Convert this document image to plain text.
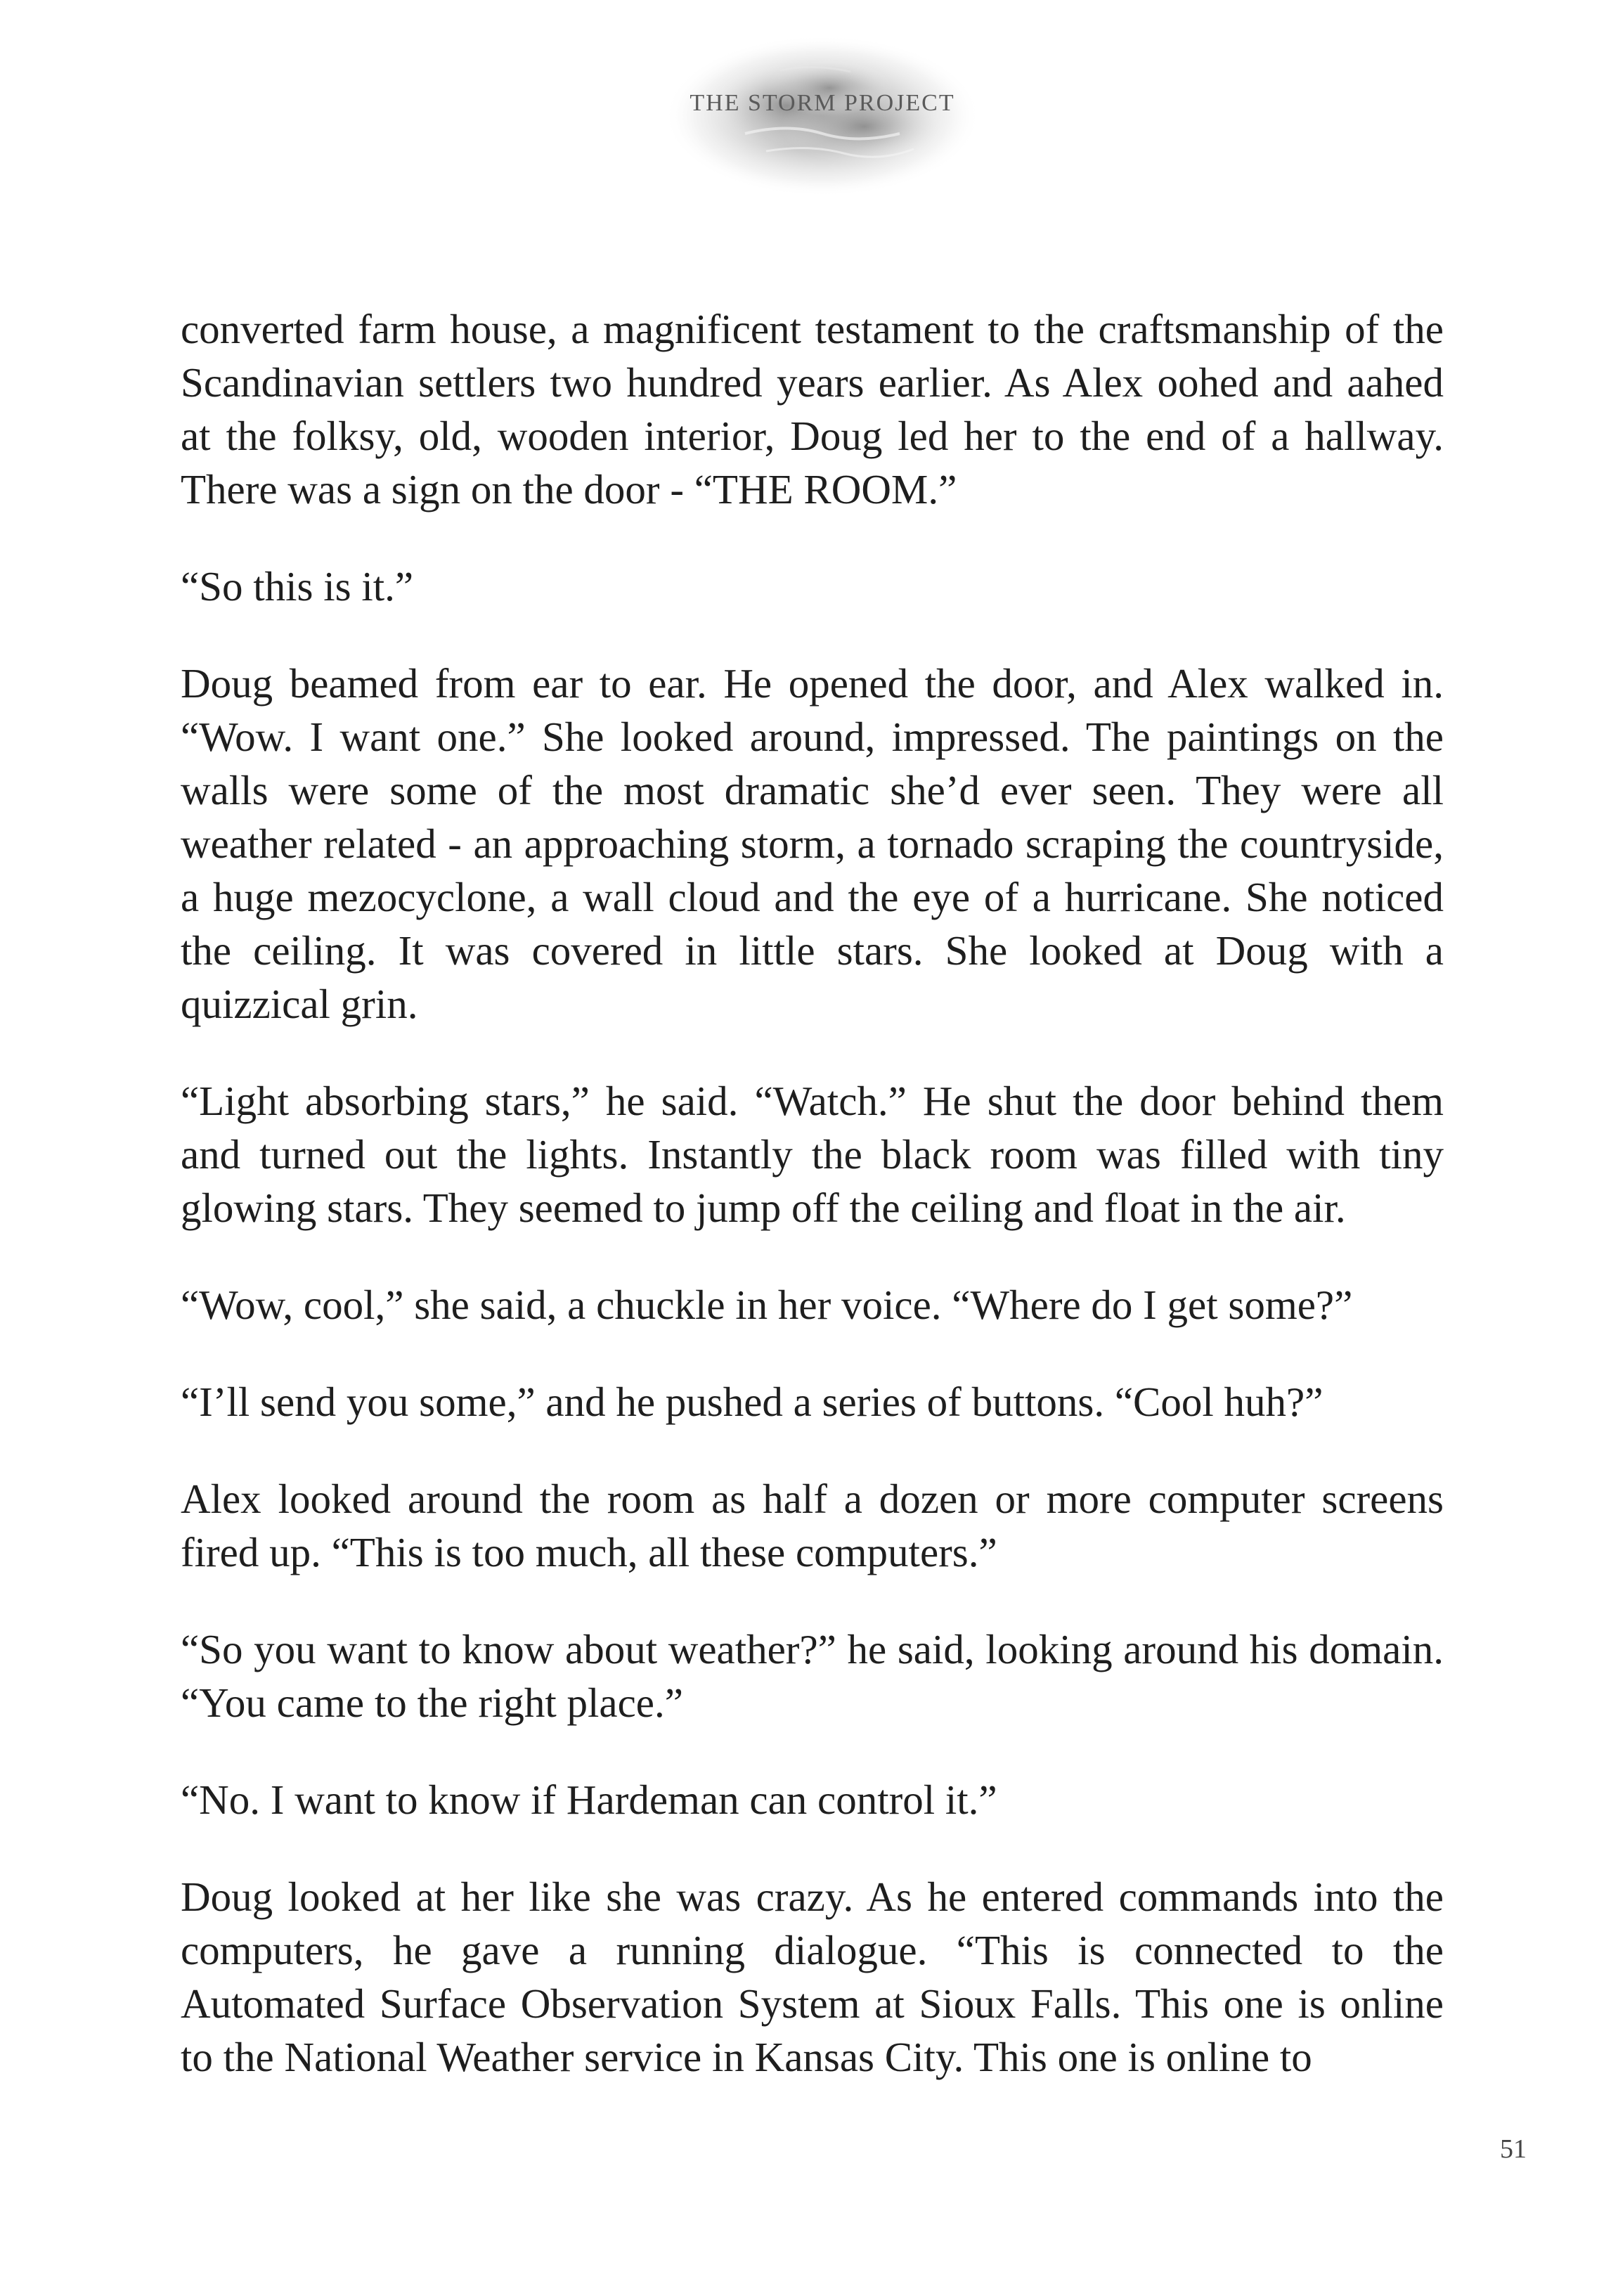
THE STORM PROJECT

converted farm house, a magnificent testament to the craftsmanship of the Scandinavian settlers two hundred years earlier. As Alex oohed and aahed at the folksy, old, wooden interior, Doug led her to the end of a hallway. There was a sign on the door - “THE ROOM.”

“So this is it.”

Doug beamed from ear to ear. He opened the door, and Alex walked in. “Wow. I want one.” She looked around, impressed. The paintings on the walls were some of the most dramatic she’d ever seen. They were all weather related - an approaching storm, a tornado scraping the countryside, a huge mezocyclone, a wall cloud and the eye of a hurricane. She noticed the ceiling. It was covered in little stars. She looked at Doug with a quizzical grin.

“Light absorbing stars,” he said. “Watch.” He shut the door behind them and turned out the lights. Instantly the black room was filled with tiny glowing stars. They seemed to jump off the ceiling and float in the air.

“Wow, cool,” she said, a chuckle in her voice. “Where do I get some?”

“I’ll send you some,” and he pushed a series of buttons. “Cool huh?”

Alex looked around the room as half a dozen or more computer screens fired up. “This is too much, all these computers.”

“So you want to know about weather?” he said, looking around his domain. “You came to the right place.”

“No. I want to know if Hardeman can control it.”

Doug looked at her like she was crazy. As he entered commands into the computers, he gave a running dialogue. “This is connected to the Automated Surface Observation System at Sioux Falls. This one is online to the National Weather service in Kansas City. This one is online to

51
